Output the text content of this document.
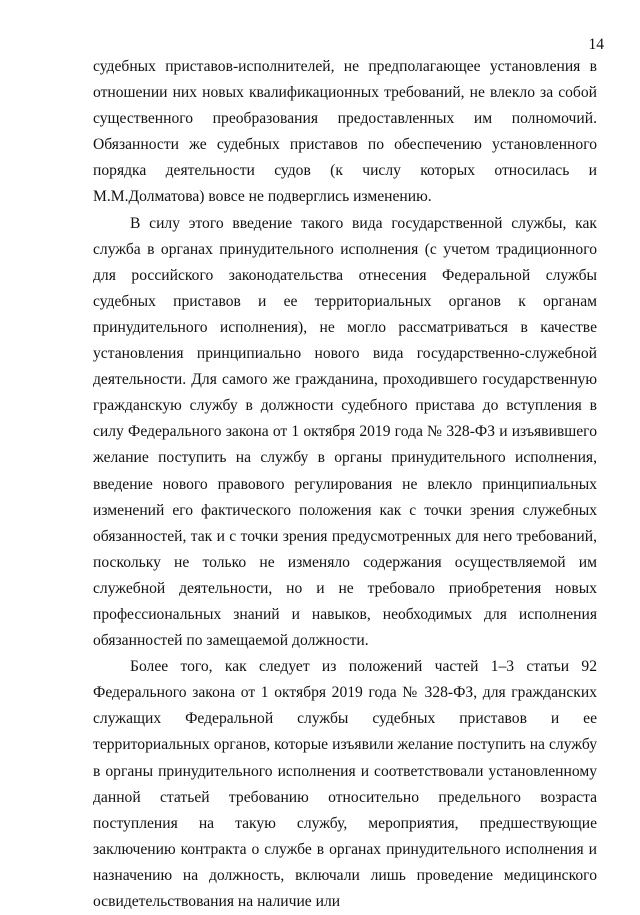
14

судебных приставов-исполнителей, не предполагающее установления в отношении них новых квалификационных требований, не влекло за собой существенного преобразования предоставленных им полномочий. Обязанности же судебных приставов по обеспечению установленного порядка деятельности судов (к числу которых относилась и М.М.Долматова) вовсе не подверглись изменению.

В силу этого введение такого вида государственной службы, как служба в органах принудительного исполнения (с учетом традиционного для российского законодательства отнесения Федеральной службы судебных приставов и ее территориальных органов к органам принудительного исполнения), не могло рассматриваться в качестве установления принципиально нового вида государственно-служебной деятельности. Для самого же гражданина, проходившего государственную гражданскую службу в должности судебного пристава до вступления в силу Федерального закона от 1 октября 2019 года № 328-ФЗ и изъявившего желание поступить на службу в органы принудительного исполнения, введение нового правового регулирования не влекло принципиальных изменений его фактического положения как с точки зрения служебных обязанностей, так и с точки зрения предусмотренных для него требований, поскольку не только не изменяло содержания осуществляемой им служебной деятельности, но и не требовало приобретения новых профессиональных знаний и навыков, необходимых для исполнения обязанностей по замещаемой должности.

Более того, как следует из положений частей 1–3 статьи 92 Федерального закона от 1 октября 2019 года № 328-ФЗ, для гражданских служащих Федеральной службы судебных приставов и ее территориальных органов, которые изъявили желание поступить на службу в органы принудительного исполнения и соответствовали установленному данной статьей требованию относительно предельного возраста поступления на такую службу, мероприятия, предшествующие заключению контракта о службе в органах принудительного исполнения и назначению на должность, включали лишь проведение медицинского освидетельствования на наличие или
